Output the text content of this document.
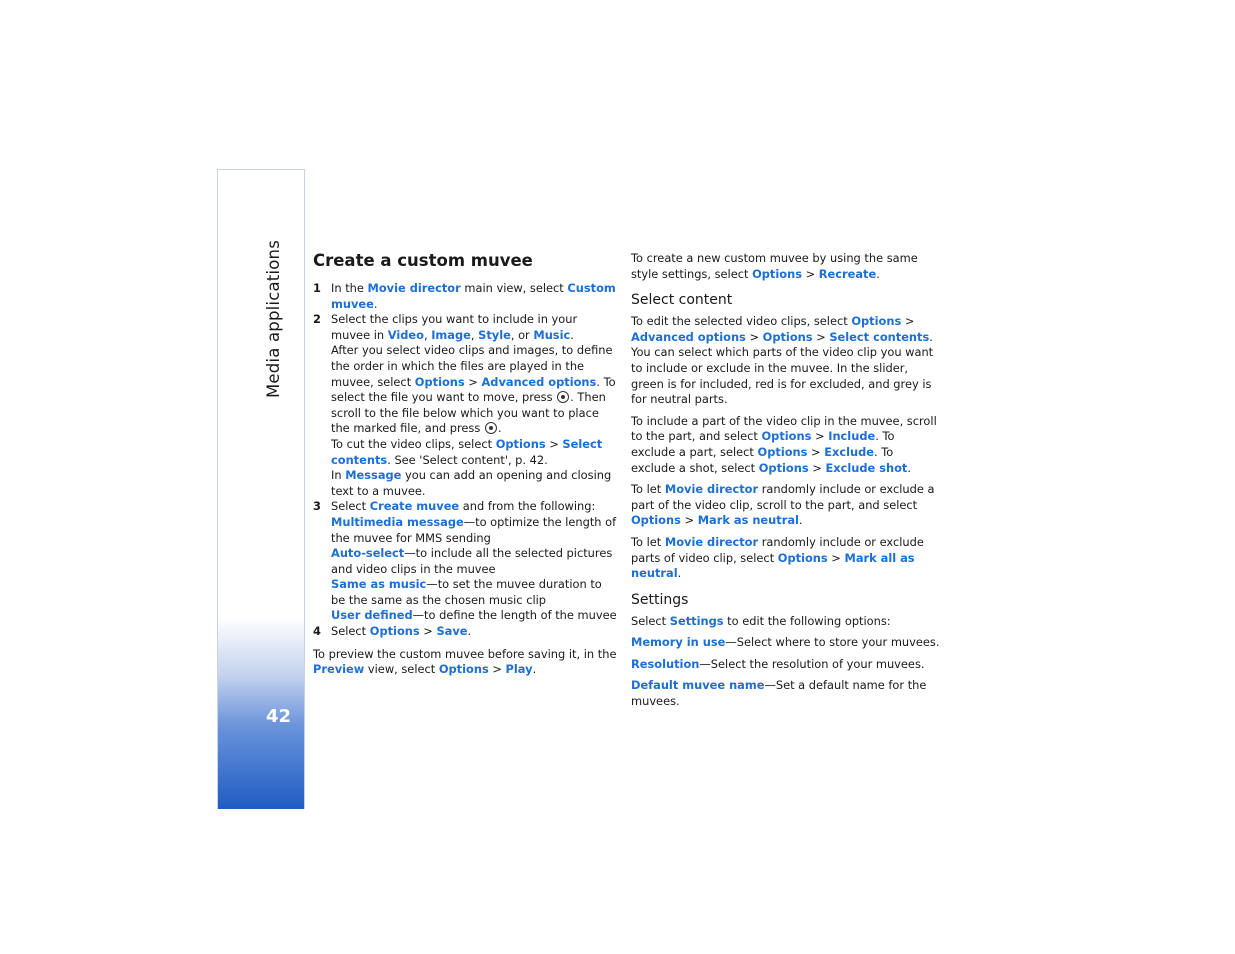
Media applications
42
Create a custom muvee
1 In the Movie director main view, select Custom muvee.
2 Select the clips you want to include in your muvee in Video, Image, Style, or Music.
After you select video clips and images, to define the order in which the files are played in the muvee, select Options > Advanced options. To select the file you want to move, press . Then scroll to the file below which you want to place the marked file, and press .
To cut the video clips, select Options > Select contents. See 'Select content', p. 42.
In Message you can add an opening and closing text to a muvee.
3 Select Create muvee and from the following:
Multimedia message—to optimize the length of the muvee for MMS sending
Auto-select—to include all the selected pictures and video clips in the muvee
Same as music—to set the muvee duration to be the same as the chosen music clip
User defined—to define the length of the muvee
4 Select Options > Save.

To preview the custom muvee before saving it, in the Preview view, select Options > Play.

To create a new custom muvee by using the same style settings, select Options > Recreate.

Select content

To edit the selected video clips, select Options > Advanced options > Options > Select contents. You can select which parts of the video clip you want to include or exclude in the muvee. In the slider, green is for included, red is for excluded, and grey is for neutral parts.

To include a part of the video clip in the muvee, scroll to the part, and select Options > Include. To exclude a part, select Options > Exclude. To exclude a shot, select Options > Exclude shot.

To let Movie director randomly include or exclude a part of the video clip, scroll to the part, and select Options > Mark as neutral.

To let Movie director randomly include or exclude parts of video clip, select Options > Mark all as neutral.

Settings

Select Settings to edit the following options:

Memory in use—Select where to store your muvees.

Resolution—Select the resolution of your muvees.

Default muvee name—Set a default name for the muvees.
